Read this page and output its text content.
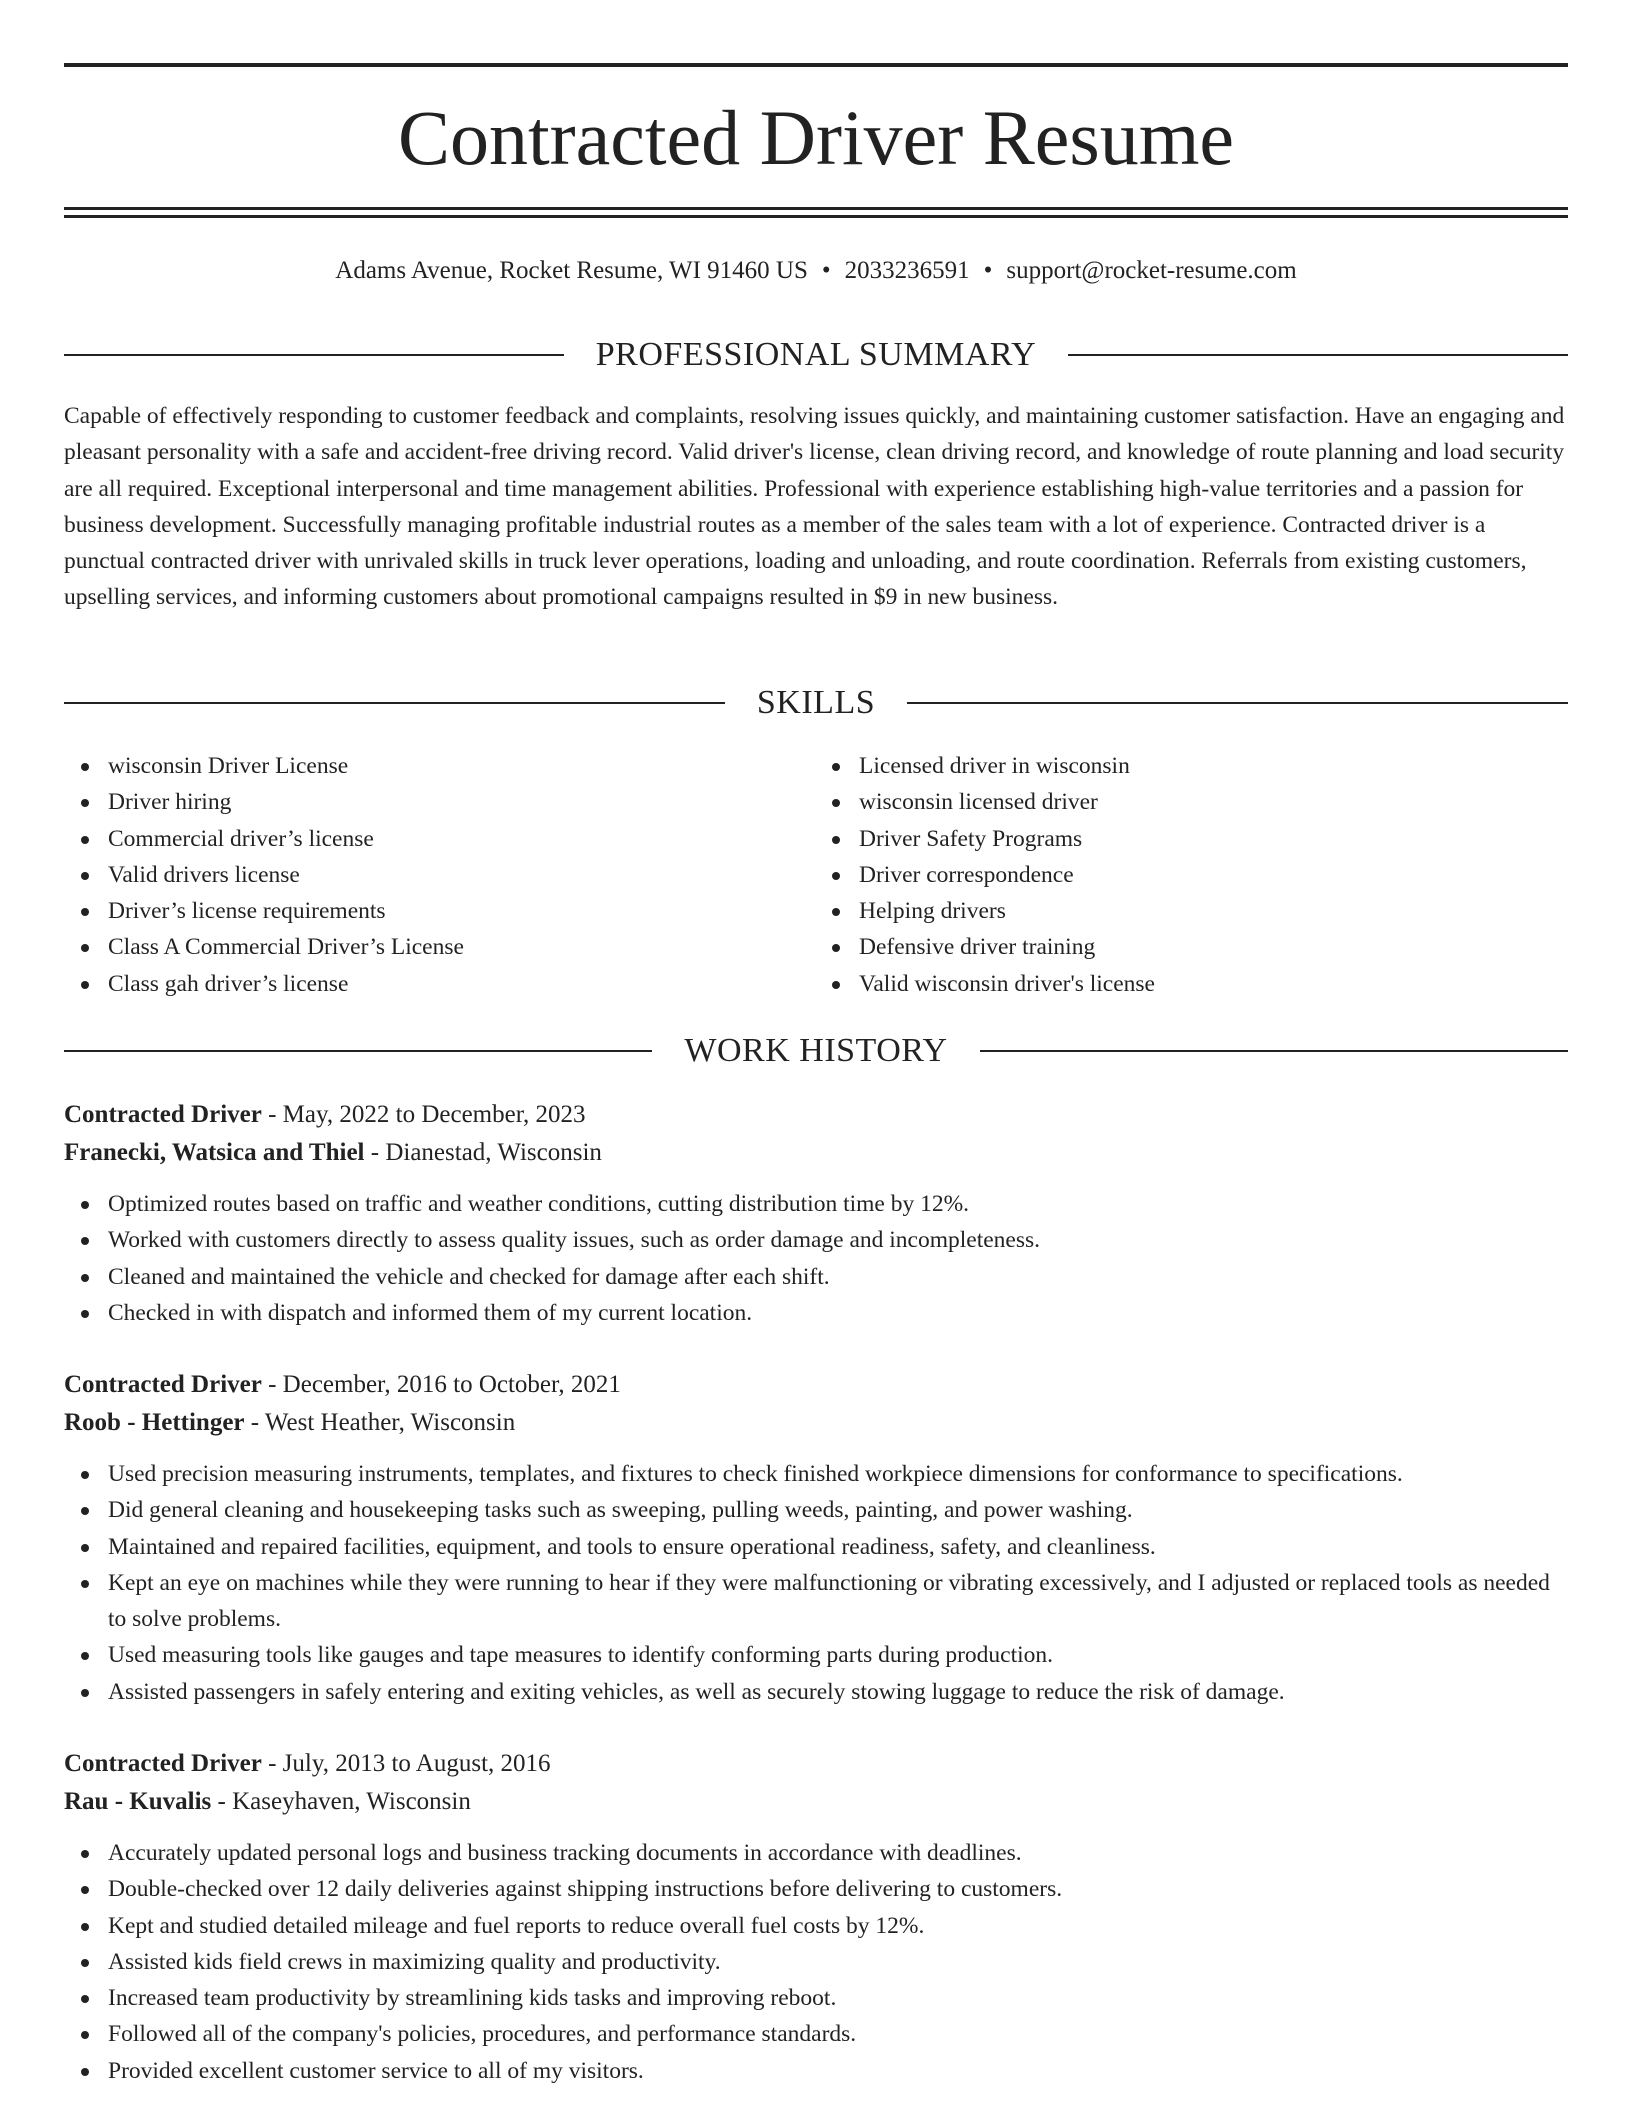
Contracted Driver Resume
Adams Avenue, Rocket Resume, WI 91460 US • 2033236591 • support@rocket-resume.com
PROFESSIONAL SUMMARY

Capable of effectively responding to customer feedback and complaints, resolving issues quickly, and maintaining customer satisfaction. Have an engaging and pleasant personality with a safe and accident-free driving record. Valid driver's license, clean driving record, and knowledge of route planning and load security are all required. Exceptional interpersonal and time management abilities. Professional with experience establishing high-value territories and a passion for business development. Successfully managing profitable industrial routes as a member of the sales team with a lot of experience. Contracted driver is a punctual contracted driver with unrivaled skills in truck lever operations, loading and unloading, and route coordination. Referrals from existing customers, upselling services, and informing customers about promotional campaigns resulted in $9 in new business.

SKILLS
wisconsin Driver License
Driver hiring
Commercial driver’s license
Valid drivers license
Driver’s license requirements
Class A Commercial Driver’s License
Class gah driver’s license
Licensed driver in wisconsin
wisconsin licensed driver
Driver Safety Programs
Driver correspondence
Helping drivers
Defensive driver training
Valid wisconsin driver's license
WORK HISTORY
Contracted Driver - May, 2022 to December, 2023
Franecki, Watsica and Thiel - Dianestad, Wisconsin
Optimized routes based on traffic and weather conditions, cutting distribution time by 12%.
Worked with customers directly to assess quality issues, such as order damage and incompleteness.
Cleaned and maintained the vehicle and checked for damage after each shift.
Checked in with dispatch and informed them of my current location.
Contracted Driver - December, 2016 to October, 2021
Roob - Hettinger - West Heather, Wisconsin
Used precision measuring instruments, templates, and fixtures to check finished workpiece dimensions for conformance to specifications.
Did general cleaning and housekeeping tasks such as sweeping, pulling weeds, painting, and power washing.
Maintained and repaired facilities, equipment, and tools to ensure operational readiness, safety, and cleanliness.
Kept an eye on machines while they were running to hear if they were malfunctioning or vibrating excessively, and I adjusted or replaced tools as needed to solve problems.
Used measuring tools like gauges and tape measures to identify conforming parts during production.
Assisted passengers in safely entering and exiting vehicles, as well as securely stowing luggage to reduce the risk of damage.
Contracted Driver - July, 2013 to August, 2016
Rau - Kuvalis - Kaseyhaven, Wisconsin
Accurately updated personal logs and business tracking documents in accordance with deadlines.
Double-checked over 12 daily deliveries against shipping instructions before delivering to customers.
Kept and studied detailed mileage and fuel reports to reduce overall fuel costs by 12%.
Assisted kids field crews in maximizing quality and productivity.
Increased team productivity by streamlining kids tasks and improving reboot.
Followed all of the company's policies, procedures, and performance standards.
Provided excellent customer service to all of my visitors.
